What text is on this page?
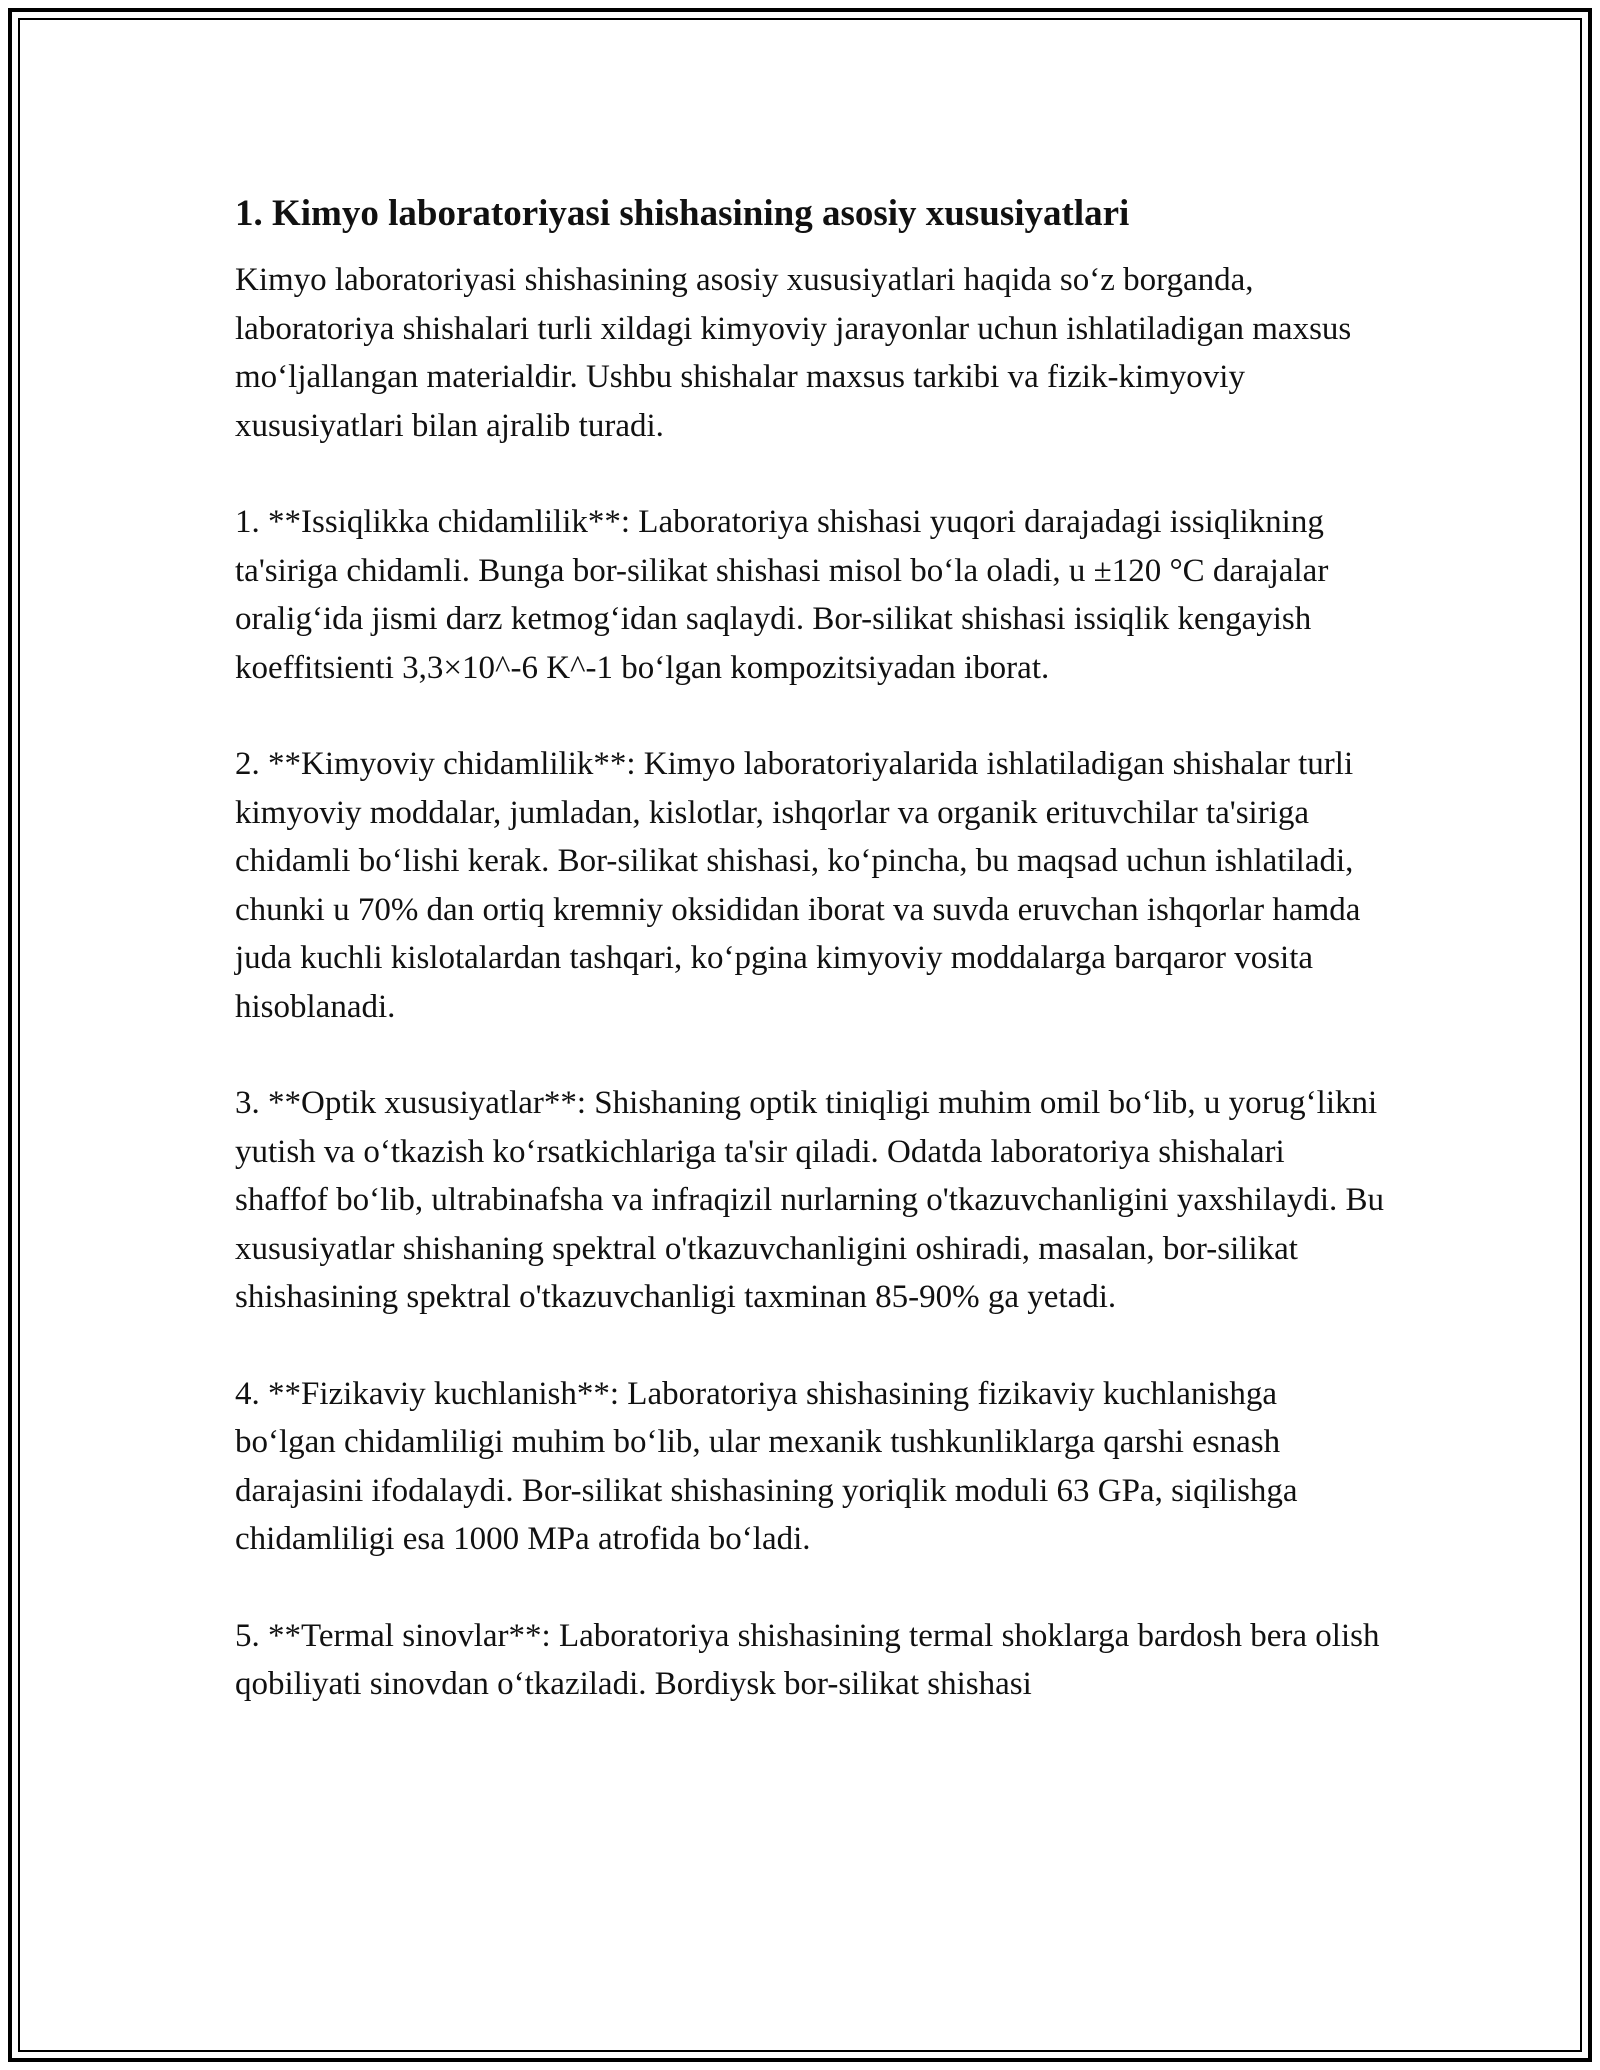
1. Kimyo laboratoriyasi shishasining asosiy xususiyatlari

Kimyo laboratoriyasi shishasining asosiy xususiyatlari haqida so‘z borganda, laboratoriya shishalari turli xildagi kimyoviy jarayonlar uchun ishlatiladigan maxsus mo‘ljallangan materialdir. Ushbu shishalar maxsus tarkibi va fizik-kimyoviy xususiyatlari bilan ajralib turadi.

1. **Issiqlikka chidamlilik**: Laboratoriya shishasi yuqori darajadagi issiqlikning ta'siriga chidamli. Bunga bor-silikat shishasi misol bo‘la oladi, u ±120 °C darajalar oralig‘ida jismi darz ketmog‘idan saqlaydi. Bor-silikat shishasi issiqlik kengayish koeffitsienti 3,3×10^-6 K^-1 bo‘lgan kompozitsiyadan iborat.

2. **Kimyoviy chidamlilik**: Kimyo laboratoriyalarida ishlatiladigan shishalar turli kimyoviy moddalar, jumladan, kislotlar, ishqorlar va organik erituvchilar ta'siriga chidamli bo‘lishi kerak. Bor-silikat shishasi, ko‘pincha, bu maqsad uchun ishlatiladi, chunki u 70% dan ortiq kremniy oksididan iborat va suvda eruvchan ishqorlar hamda juda kuchli kislotalardan tashqari, ko‘pgina kimyoviy moddalarga barqaror vosita hisoblanadi.

3. **Optik xususiyatlar**: Shishaning optik tiniqligi muhim omil bo‘lib, u yorug‘likni yutish va o‘tkazish ko‘rsatkichlariga ta'sir qiladi. Odatda laboratoriya shishalari shaffof bo‘lib, ultrabinafsha va infraqizil nurlarning o'tkazuvchanligini yaxshilaydi. Bu xususiyatlar shishaning spektral o'tkazuvchanligini oshiradi, masalan, bor-silikat shishasining spektral o'tkazuvchanligi taxminan 85-90% ga yetadi.

4. **Fizikaviy kuchlanish**: Laboratoriya shishasining fizikaviy kuchlanishga bo‘lgan chidamliligi muhim bo‘lib, ular mexanik tushkunliklarga qarshi esnash darajasini ifodalaydi. Bor-silikat shishasining yoriqlik moduli 63 GPa, siqilishga chidamliligi esa 1000 MPa atrofida bo‘ladi.

5. **Termal sinovlar**: Laboratoriya shishasining termal shoklarga bardosh bera olish qobiliyati sinovdan o‘tkaziladi. Bordiysk bor-silikat shishasi
